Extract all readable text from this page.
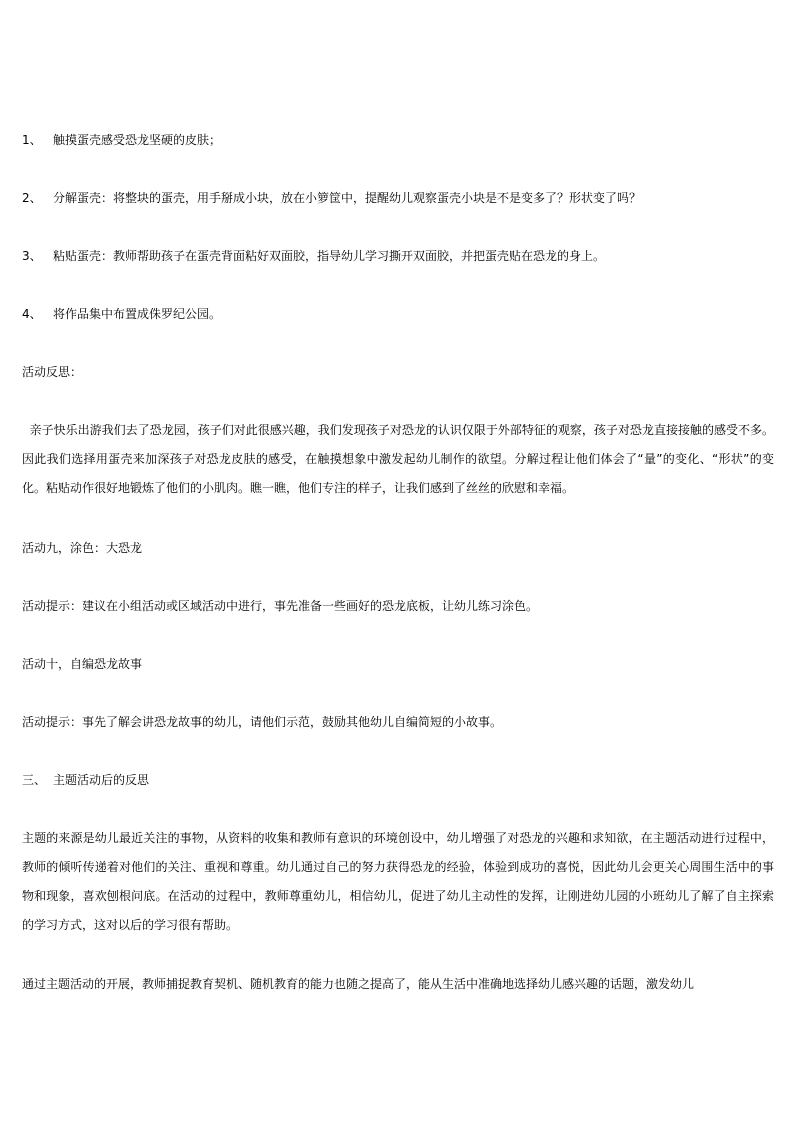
1、 触摸蛋壳感受恐龙坚硬的皮肤；
2、 分解蛋壳：将整块的蛋壳，用手掰成小块，放在小箩筐中，提醒幼儿观察蛋壳小块是不是变多了？形状变了吗？
3、 粘贴蛋壳：教师帮助孩子在蛋壳背面粘好双面胶，指导幼儿学习撕开双面胶，并把蛋壳贴在恐龙的身上。
4、 将作品集中布置成侏罗纪公园。
活动反思：
亲子快乐出游我们去了恐龙园，孩子们对此很感兴趣，我们发现孩子对恐龙的认识仅限于外部特征的观察，孩子对恐龙直接接触的感受不多。因此我们选择用蛋壳来加深孩子对恐龙皮肤的感受，在触摸想象中激发起幼儿制作的欲望。分解过程让他们体会了“量”的变化、“形状”的变化。粘贴动作很好地锻炼了他们的小肌肉。瞧一瞧，他们专注的样子，让我们感到了丝丝的欣慰和幸福。
活动九，涂色：大恐龙
活动提示：建议在小组活动或区域活动中进行，事先准备一些画好的恐龙底板，让幼儿练习涂色。
活动十，自编恐龙故事
活动提示：事先了解会讲恐龙故事的幼儿，请他们示范，鼓励其他幼儿自编简短的小故事。
三、 主题活动后的反思
主题的来源是幼儿最近关注的事物，从资料的收集和教师有意识的环境创设中，幼儿增强了对恐龙的兴趣和求知欲，在主题活动进行过程中，教师的倾听传递着对他们的关注、重视和尊重。幼儿通过自己的努力获得恐龙的经验，体验到成功的喜悦，因此幼儿会更关心周围生活中的事物和现象，喜欢刨根问底。在活动的过程中，教师尊重幼儿，相信幼儿，促进了幼儿主动性的发挥，让刚进幼儿园的小班幼儿了解了自主探索的学习方式，这对以后的学习很有帮助。
通过主题活动的开展，教师捕捉教育契机、随机教育的能力也随之提高了，能从生活中准确地选择幼儿感兴趣的话题，激发幼儿
